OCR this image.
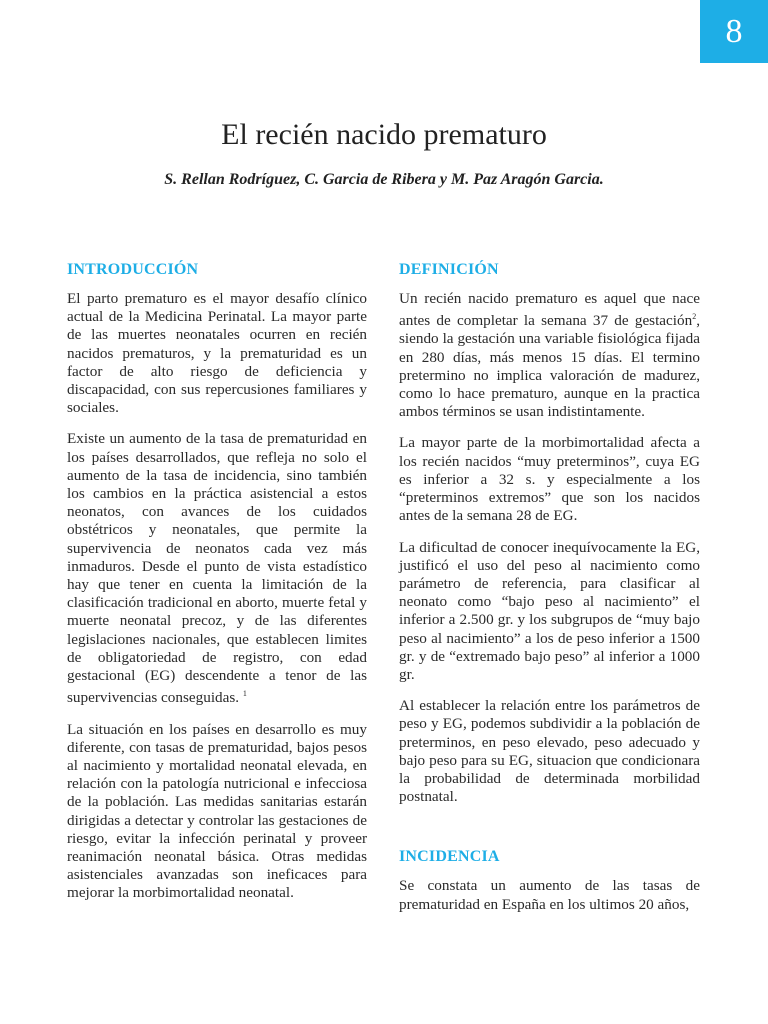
8
El recién nacido prematuro
S. Rellan Rodríguez, C. Garcia de Ribera y M. Paz Aragón Garcia.
INTRODUCCIÓN

El parto prematuro es el mayor desafío clínico actual de la Medicina Perinatal. La mayor parte de las muertes neonatales ocurren en recién nacidos prematuros, y la prematuridad es un factor de alto riesgo de deficiencia y discapacidad, con sus repercusiones familiares y sociales.

Existe un aumento de la tasa de prematuridad en los países desarrollados, que refleja no solo el aumento de la tasa de incidencia, sino también los cambios en la práctica asistencial a estos neonatos, con avances de los cuidados obstétricos y neonatales, que permite la supervivencia de neonatos cada vez más inmaduros. Desde el punto de vista estadístico hay que tener en cuenta la limitación de la clasificación tradicional en aborto, muerte fetal y muerte neonatal precoz, y de las diferentes legislaciones nacionales, que establecen limites de obligatoriedad de registro, con edad gestacional (EG) descendente a tenor de las supervivencias conseguidas. $^1$

La situación en los países en desarrollo es muy diferente, con tasas de prematuridad, bajos pesos al nacimiento y mortalidad neonatal elevada, en relación con la patología nutricional e infecciosa de la población. Las medidas sanitarias estarán dirigidas a detectar y controlar las gestaciones de riesgo, evitar la infección perinatal y proveer reanimación neonatal básica. Otras medidas asistenciales avanzadas son ineficaces para mejorar la morbimortalidad neonatal.

DEFINICIÓN

Un recién nacido prematuro es aquel que nace antes de completar la semana 37 de gestación$^2$, siendo la gestación una variable fisiológica fijada en 280 días, más menos 15 días. El termino pretermino no implica valoración de madurez, como lo hace prematuro, aunque en la practica ambos términos se usan indistintamente.

La mayor parte de la morbimortalidad afecta a los recién nacidos “muy preterminos”, cuya EG es inferior a 32 s. y especialmente a los “preterminos extremos” que son los nacidos antes de la semana 28 de EG.

La dificultad de conocer inequívocamente la EG, justificó el uso del peso al nacimiento como parámetro de referencia, para clasificar al neonato como “bajo peso al nacimiento” el inferior a 2.500 gr. y los subgrupos de “muy bajo peso al nacimiento” a los de peso inferior a 1500 gr. y de “extremado bajo peso” al inferior a 1000 gr.

Al establecer la relación entre los parámetros de peso y EG, podemos subdividir a la población de preterminos, en peso elevado, peso adecuado y bajo peso para su EG, situacion que condicionara la probabilidad de determinada morbilidad postnatal.

INCIDENCIA

Se constata un aumento de las tasas de prematuridad en España en los ultimos 20 años,
